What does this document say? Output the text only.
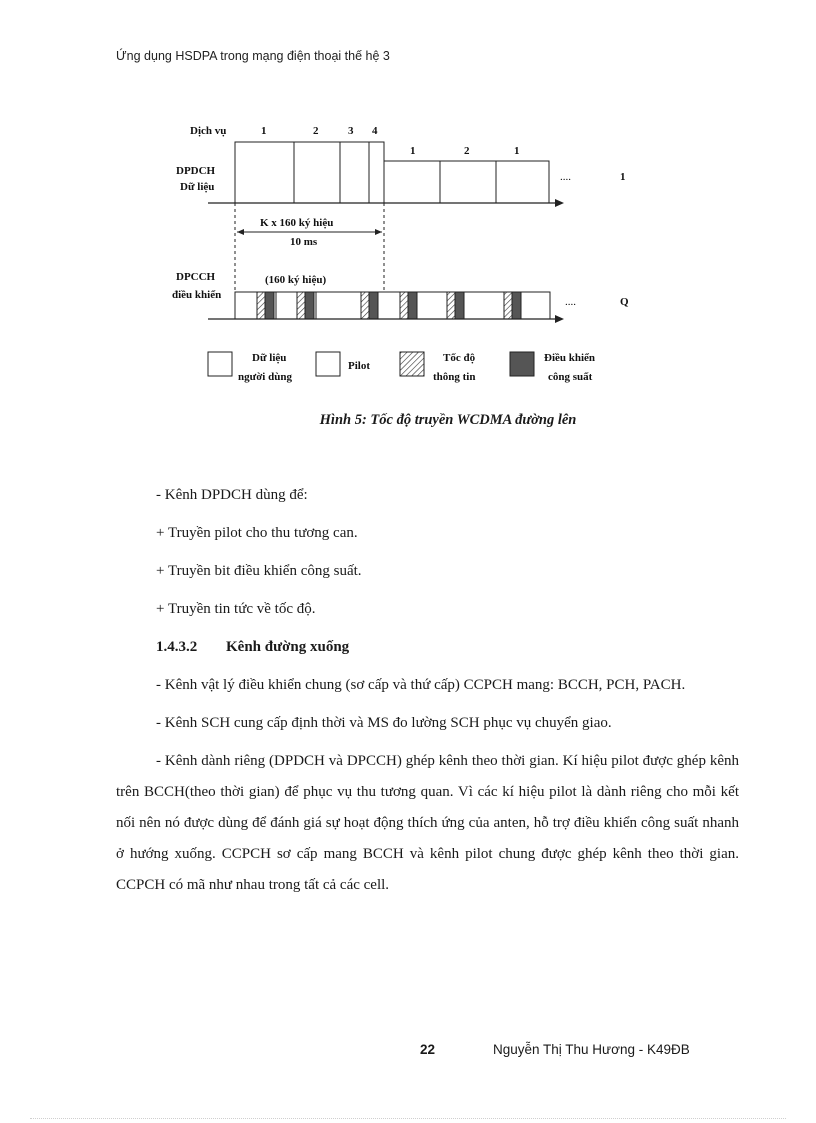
Ứng dụng HSDPA trong mạng điện thoại thế hệ 3
Dịch vụ	1	2	3 4
1	2	1
DPDCH
Dữ liệu
....	1
K x 160 ký hiệu
10 ms
DPCCH
điều khiển
(160 ký hiệu)
....	Q
Dữ liệu
người dùng
Pilot
Tốc độ
thông tin
Điều khiển
công suất
Hình 5: Tốc độ truyền WCDMA đường lên

- Kênh DPDCH dùng để:

+ Truyền pilot cho thu tương can.

+ Truyền bit điều khiển công suất.

+ Truyền tin tức về tốc độ.

1.4.3.2 Kênh đường xuống

- Kênh vật lý điều khiển chung (sơ cấp và thứ cấp) CCPCH mang: BCCH, PCH, PACH.

- Kênh SCH cung cấp định thời và MS đo lường SCH phục vụ chuyển giao.

- Kênh dành riêng (DPDCH và DPCCH) ghép kênh theo thời gian. Kí hiệu pilot được ghép kênh trên BCCH(theo thời gian) để phục vụ thu tương quan. Vì các kí hiệu pilot là dành riêng cho mỗi kết nối nên nó được dùng để đánh giá sự hoạt động thích ứng của anten, hỗ trợ điều khiển công suất nhanh ở hướng xuống. CCPCH sơ cấp mang BCCH và kênh pilot chung được ghép kênh theo thời gian. CCPCH có mã như nhau trong tất cả các cell.

22	Nguyễn Thị Thu Hương - K49ĐB
